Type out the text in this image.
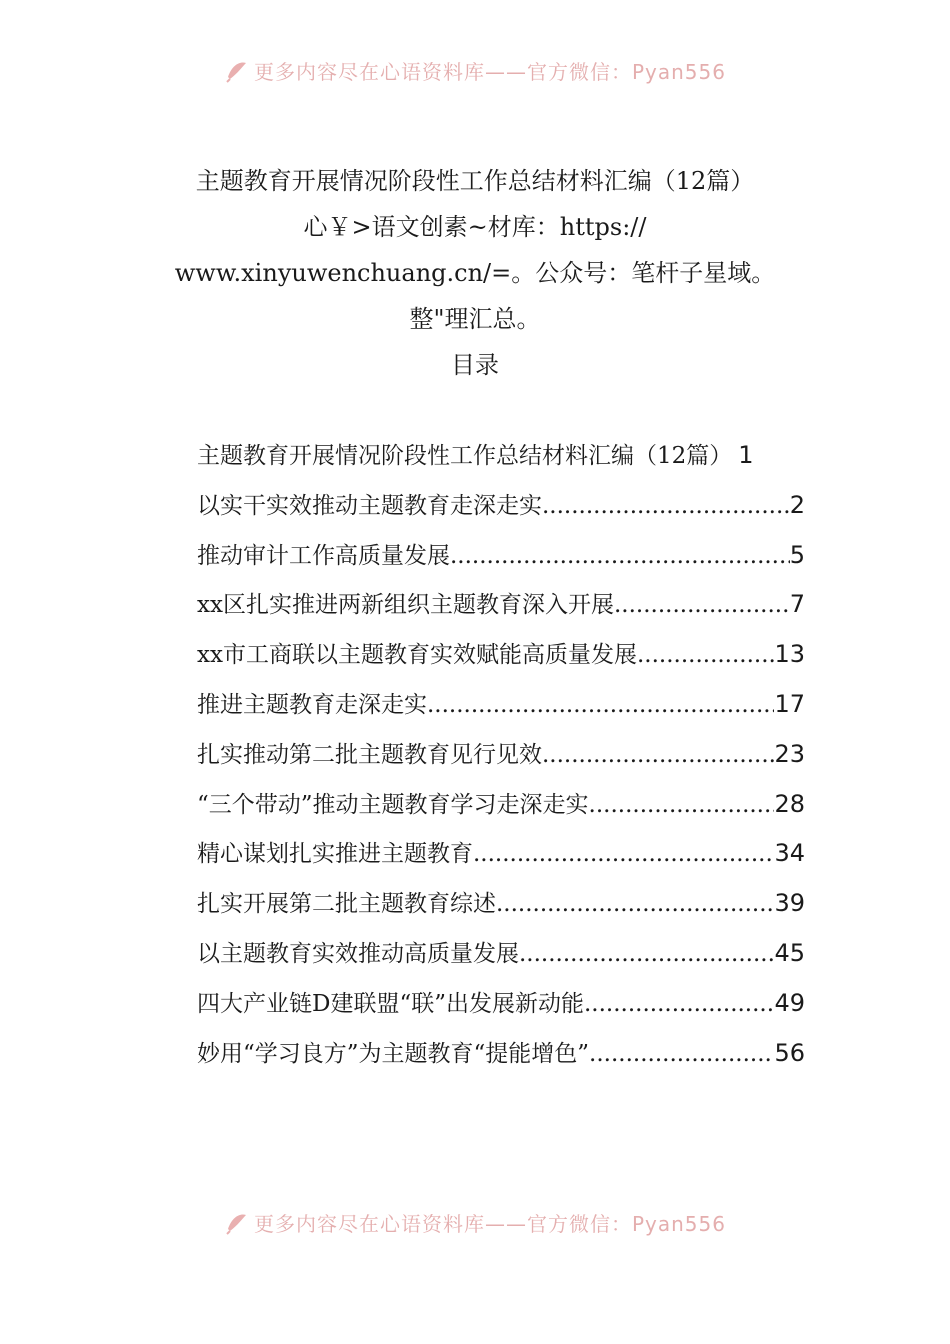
更多内容尽在心语资料库——官方微信：Pyan556
主题教育开展情况阶段性工作总结材料汇编（12篇）
心￥>语文创素~材库：https://
www.xinyuwenchuang.cn/=。公众号：笔杆子星域。
整"理汇总。
目录
主题教育开展情况阶段性工作总结材料汇编（12篇） 1
以实干实效推动主题教育走深走实 .....	2
推动审计工作高质量发展 .....	5
xx区扎实推进两新组织主题教育深入开展 .....	7
xx市工商联以主题教育实效赋能高质量发展 .....	13
推进主题教育走深走实 .....	17
扎实推动第二批主题教育见行见效 .....	23
“三个带动”推动主题教育学习走深走实 .....	28
精心谋划扎实推进主题教育 .....	34
扎实开展第二批主题教育综述 .....	39
以主题教育实效推动高质量发展 .....	45
四大产业链D建联盟“联”出发展新动能 .....	49
妙用“学习良方”为主题教育“提能增色” .....	56
更多内容尽在心语资料库——官方微信：Pyan556
